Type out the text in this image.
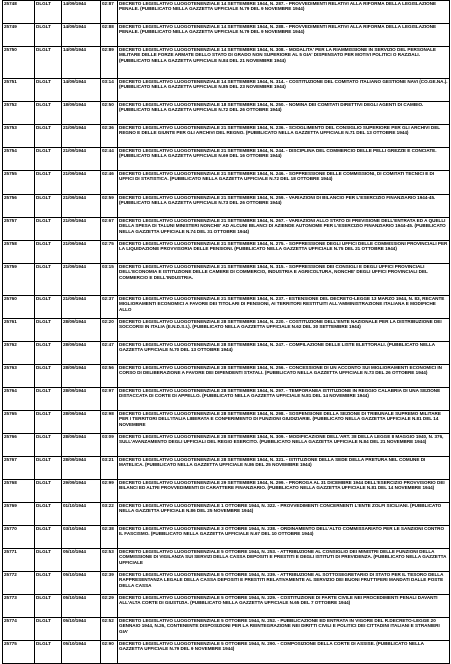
25748	DLGLT	14/09/1944	02:87	DECRETO LEGISLATIVO LUOGOTENENZIALE 14 SETTEMBRE 1944, N. 287. - PROVVEDIMENTI RELATIVI ALLA RIFORMA DELLA LEGISLAZIONE PENALE. (PUBBLICATO NELLA GAZZETTA UFFICIALE N.79 DEL 9 NOVEMBRE 1944)

25749	DLGLT	14/09/1944	02:88	DECRETO LEGISLATIVO LUOGOTENENZIALE 14 SETTEMBRE 1944, N. 288. - PROVVEDIMENTI RELATIVI ALLA RIFORMA DELLA LEGISLAZIONE PENALE. (PUBBLICATO NELLA GAZZETTA UFFICIALE N.79 DEL 9 NOVEMBRE 1944)

25750	DLGLT	14/09/1944	02:89	DECRETO LEGISLATIVO LUOGOTENENZIALE 14 SETTEMBRE 1944, N. 308. - MODALITA' PER LA RIAMMISSIONE IN SERVIZIO DEL PERSONALE MILITARE DELLE FORZE ARMATE DELLO STATO DI GRADO NON SUPERIORE AL 5 GIA' DISPENSATO PER MOTIVI POLITICI O RAZZIALI. (PUBBLICATO NELLA GAZZETTA UFFICIALE N.84 DEL 21 NOVEMBRE 1944)

25751	DLGLT	14/09/1944	03:14	DECRETO LEGISLATIVO LUOGOTENENZIALE 14 SETTEMBRE 1944, N. 314. - COSTITUZIONE DEL COMITATO ITALIANO GESTIONE NAVI (CO.GE.NA.). (PUBBLICATO NELLA GAZZETTA UFFICIALE N.85 DEL 23 NOVEMBRE 1944)

25752	DLGLT	18/09/1944	02:50	DECRETO LEGISLATIVO LUOGOTENENZIALE 18 SETTEMBRE 1944, N. 250. - NOMINA DEI COMITATI DIRETTIVI DEGLI AGENTI DI CAMBIO. (PUBBLICATO NELLA GAZZETTA UFFICIALE N.72 DEL 26 OTTOBRE 1944)

25753	DLGLT	21/09/1944	02:36	DECRETO LEGISLATIVO LUOGOTENENZIALE 21 SETTEMBRE 1944, N. 236. - SCIOGLIMENTO DEL CONSIGLIO SUPERIORE PER GLI ARCHIVI DEL REGNO E DELLE GIUNTE PER GLI ARCHIVI DEL REGNO. (PUBBLICATO NELLA GAZZETTA UFFICIALE N.71 DEL 13 OTTOBRE 1944)

25754	DLGLT	21/09/1944	02:44	DECRETO LEGISLATIVO LUOGOTENENZIALE 21 SETTEMBRE 1944, N. 244. - DISCIPLINA DEL COMMERCIO DELLE PELLI GREZZE E CONCIATE. (PUBBLICATO NELLA GAZZETTA UFFICIALE N.69 DEL 16 OTTOBRE 1944)

25755	DLGLT	21/09/1944	02:46	DECRETO LEGISLATIVO LUOGOTENENZIALE 21 SETTEMBRE 1944, N. 246. - SOPPRESSIONE DELLE COMMISSIONI, DI COMITATI TECNICI E DI UFFICI DI STATISTICA. (PUBBLICATO NELLA GAZZETTA UFFICIALE N.72 DEL 18 OTTOBRE 1944)

25756	DLGLT	21/09/1944	02:59	DECRETO LEGISLATIVO LUOGOTENENZIALE 21 SETTEMBRE 1944, N. 259. - VARIAZIONI DI BILANCIO PER L'ESERCIZIO FINANZIARIO 1944-45. (PUBBLICATO NELLA GAZZETTA UFFICIALE N.73 DEL 26 OTTOBRE 1944)

25757	DLGLT	21/09/1944	02:67	DECRETO LEGISLATIVO LUOGOTENENZIALE 21 SETTEMBRE 1944, N. 267. - VARIAZIONI ALLO STATO DI PREVISIONE DELL'ENTRATA ED A QUELLI DELLA SPESA DI TALUNI MINISTERI NONCHE' AD ALCUNI BILANCI DI AZIENDE AUTONOME PER L'ESERCIZIO FINANZIARIO 1944-45. (PUBBLICATO NELLA GAZZETTA UFFICIALE N.74 DEL 31 OTTOBRE 1944)

25758	DLGLT	21/09/1944	02:75	DECRETO LEGISLATIVO LUOGOTENENZIALE 21 SETTEMBRE 1944, N. 275. - SOPPRESSIONE DEGLI UFFICI DELLE COMMISSIONI PROVINCIALI PER LA LIQUIDAZIONE PROVVISORIA DELLE PENSIONI. (PUBBLICATO NELLA GAZZETTA UFFICIALE N.75 DEL 21 OTTOBRE 1944)

25759	DLGLT	21/09/1944	03:15	DECRETO LEGISLATIVO LUOGOTENENZIALE 21 SETTEMBRE 1944, N. 315. - SOPPRESSIONE DEI CONSIGLI E DEGLI UFFICI PROVINCIALI DELL'ECONOMIA E ISTITUZIONE DELLE CAMERE DI COMMERCIO, INDUSTRIA E AGRICOLTURA, NONCHE' DEGLI UFFICI PROVINCIALI DEL COMMERCIO E DELL'INDUSTRIA.

25760	DLGLT	21/09/1944	02:37	DECRETO LEGISLATIVO LUOGOTENENZIALE 21 SETTEMBRE 1944, N. 237. - ESTENSIONE DEL DECRETO-LEGGE 13 MARZO 1944, N. 83, RECANTE MIGLIORAMENTI ECONOMICI A FAVORE DEI TITOLARI DI PENSIONI, AI TERRITORI RESTITUITI ALL'AMMINISTRAZIONE ITALIANA E MODIFICHE ALLO

25761	DLGLT	28/09/1944	02:20	DECRETO LEGISLATIVO LUOGOTENENZIALE 28 SETTEMBRE 1944, N. 220. - COSTITUZIONE DELL'ENTE NAZIONALE PER LA DISTRIBUZIONE DEI SOCCORSI IN ITALIA (E.N.D.S.I.). (PUBBLICATO NELLA GAZZETTA UFFICIALE N.62 DEL 30 SETTEMBRE 1944)

25762	DLGLT	28/09/1944	02:47	DECRETO LEGISLATIVO LUOGOTENENZIALE 28 SETTEMBRE 1944, N. 247. - COMPILAZIONE DELLE LISTE ELETTORALI. (PUBBLICATO NELLA GAZZETTA UFFICIALE N.70 DEL 13 OTTOBRE 1944)

25763	DLGLT	28/09/1944	02:56	DECRETO LEGISLATIVO LUOGOTENENZIALE 28 SETTEMBRE 1944, N. 256. - CONCESSIONE DI UN ACCONTO SUI MIGLIORAMENTI ECONOMICI IN CORSO DI DELIBERAZIONE A FAVORE DEI DIPENDENTI STATALI. (PUBBLICATO NELLA GAZZETTA UFFICIALE N.73 DEL 26 OTTOBRE 1944)

25764	DLGLT	28/09/1944	02:97	DECRETO LEGISLATIVO LUOGOTENENZIALE 28 SETTEMBRE 1944, N. 297. - TEMPORANEA ISTITUZIONE IN REGGIO CALABRIA DI UNA SEZIONE DISTACCATA DI CORTE DI APPELLO. (PUBBLICATO NELLA GAZZETTA UFFICIALE N.81 DEL 14 NOVEMBRE 1944)

25765	DLGLT	28/09/1944	02:98	DECRETO LEGISLATIVO LUOGOTENENZIALE 28 SETTEMBRE 1944, N. 298. - SOSPENSIONE DELLA SEZIONE DI TRIBUNALE SUPREMO MILITARE PER I TERRITORI DELL'ITALIA LIBERATA E CONFERIMENTO DI FUNZIONI GIUDIZIARIE. (PUBBLICATO NELLA GAZZETTA UFFICIALE N.81 DEL 14 NOVEMBRE

25766	DLGLT	28/09/1944	03:09	DECRETO LEGISLATIVO LUOGOTENENZIALE 28 SETTEMBRE 1944, N. 309. - MODIFICAZIONE DELL'ART. 38 DELLA LEGGE 8 MAGGIO 1940, N. 376, SULL'AVANZAMENTO DEGLI UFFICIALI DEL REGIO ESERCITO. (PUBBLICATO NELLA GAZZETTA UFFICIALE N.84 DEL 21 NOVEMBRE 1944)

25767	DLGLT	28/09/1944	03:21	DECRETO LEGISLATIVO LUOGOTENENZIALE 28 SETTEMBRE 1944, N. 321. - ISTITUZIONE DELLA SEDE DELLA PRETURA NEL COMUNE DI MATELICA. (PUBBLICATO NELLA GAZZETTA UFFICIALE N.86 DEL 25 NOVEMBRE 1944)

25768	DLGLT	29/09/1944	02:99	DECRETO LEGISLATIVO LUOGOTENENZIALE 29 SETTEMBRE 1944, N. 299. - PROROGA AL 31 DICEMBRE 1944 DELL'ESERCIZIO PROVVISORIO DEI BILANCI ED ALTRI PROVVEDIMENTI DI CARATTERE FINANZIARIO. (PUBBLICATO NELLA GAZZETTA UFFICIALE N.81 DEL 14 NOVEMBRE 1944)

25769	DLGLT	01/10/1944	03:22	DECRETO LEGISLATIVO LUOGOTENENZIALE 1 OTTOBRE 1944, N. 322. - PROVVEDIMENTI CONCERNENTI L'ENTE ZOLFI SICILIANI. (PUBBLICATO NELLA GAZZETTA UFFICIALE N.86 DEL 25 NOVEMBRE 1944)

25770	DLGLT	03/10/1944	02:38	DECRETO LEGISLATIVO LUOGOTENENZIALE 3 OTTOBRE 1944, N. 238. - ORDINAMENTO DELL'ALTO COMMISSARIATO PER LE SANZIONI CONTRO IL FASCISMO. (PUBBLICATO NELLA GAZZETTA UFFICIALE N.67 DEL 10 OTTOBRE 1944)

25771	DLGLT	05/10/1944	02:53	DECRETO LEGISLATIVO LUOGOTENENZIALE 5 OTTOBRE 1944, N. 253. - ATTRIBUZIONE AL CONSIGLIO DEI MINISTRI DELLE FUNZIONI DELLA COMMISSIONE DI VIGILANZA SUI SERVIZI DELLA CASSA DEPOSITI E PRESTITI E DEGLI ISTITUTI DI PREVIDENZA. (PUBBLICATO NELLA GAZZETTA UFFICIALE

25772	DLGLT	05/10/1944	02:39	DECRETO LEGISLATIVO LUOGOTENENZIALE 5 OTTOBRE 1944, N. 239. - ATTRIBUZIONE AL SOTTOSEGRETARIO DI STATO PER IL TESORO DELLA RAPPRESENTANZA LEGALE DELLA CASSA DEPOSITI E PRESTITI RELATIVAMENTE AL SERVIZIO DEI BUONI FRUTTIFERI MANDATI DALLE POSTE DELLA CASSA

25773	DLGLT	05/10/1944	02:29	DECRETO LEGISLATIVO LUOGOTENENZIALE 5 OTTOBRE 1944, N. 229. - COSTITUZIONE DI PARTE CIVILE NEI PROCEDIMENTI PENALI DAVANTI ALL'ALTA CORTE DI GIUSTIZIA. (PUBBLICATO NELLA GAZZETTA UFFICIALE N.65 DEL 7 OTTOBRE 1944)

25774	DLGLT	05/10/1944	02:52	DECRETO LEGISLATIVO LUOGOTENENZIALE 5 OTTOBRE 1944, N. 252. - PUBBLICAZIONE ED ENTRATA IN VIGORE DEL R.DECRETO-LEGGE 20 GENNAIO 1944, N.26, CONTENENTE DISPOSIZIONI PER LA REINTEGRAZIONE NEI DIRITTI CIVILI E POLITICI DEI CITTADINI ITALIANI E STRANIERI GIA'

25775	DLGLT	05/10/1944	02:90	DECRETO LEGISLATIVO LUOGOTENENZIALE 5 OTTOBRE 1944, N. 290. - COMPOSIZIONE DELLA CORTE DI ASSISE. (PUBBLICATO NELLA GAZZETTA UFFICIALE N.79 DEL 9 NOVEMBRE 1944)
